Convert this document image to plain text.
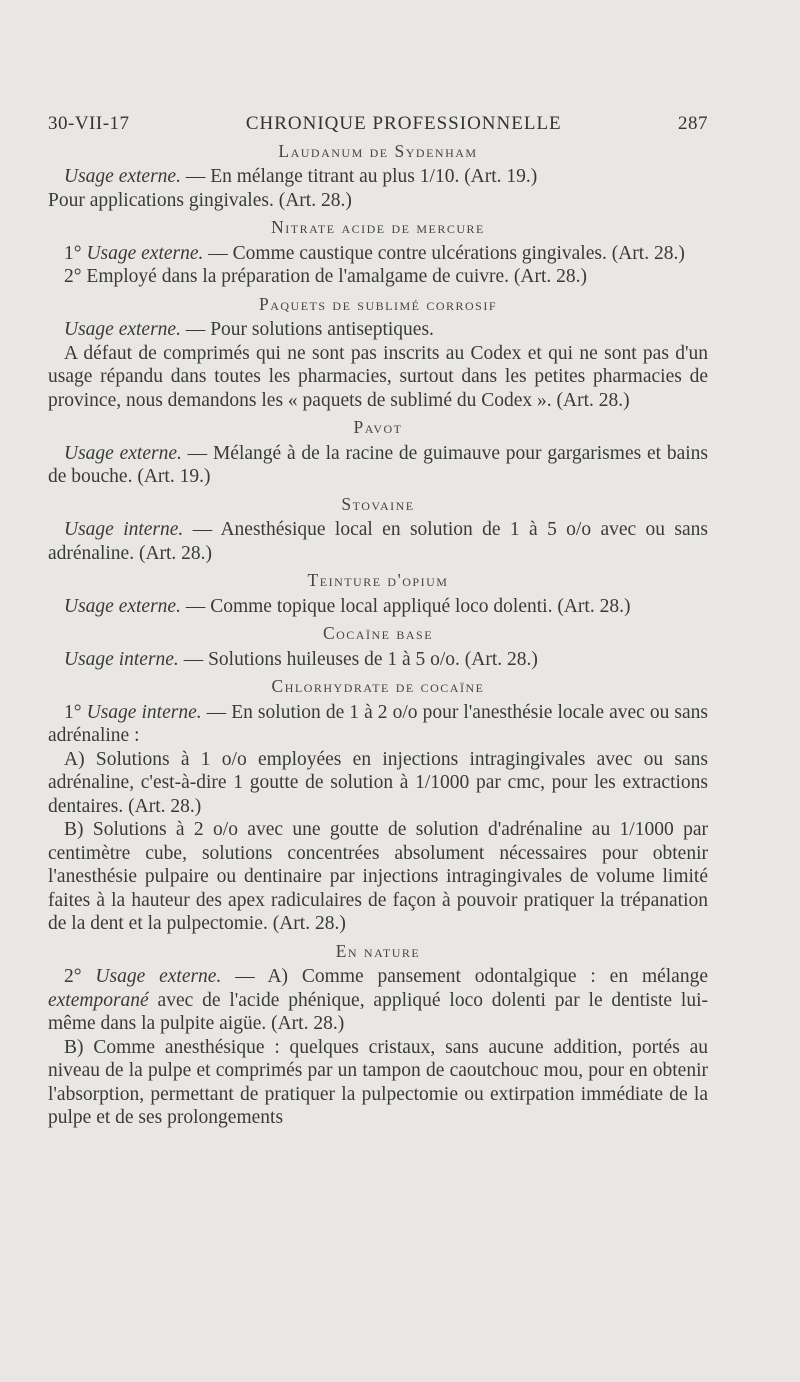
30-VII-17	CHRONIQUE PROFESSIONNELLE	287
Laudanum de Sydenham

Usage externe. — En mélange titrant au plus 1/10. (Art. 19.)

Pour applications gingivales. (Art. 28.)

Nitrate acide de mercure

1° Usage externe. — Comme caustique contre ulcérations gingivales. (Art. 28.)

2° Employé dans la préparation de l'amalgame de cuivre. (Art. 28.)

Paquets de sublimé corrosif

Usage externe. — Pour solutions antiseptiques.

A défaut de comprimés qui ne sont pas inscrits au Codex et qui ne sont pas d'un usage répandu dans toutes les pharmacies, surtout dans les petites pharmacies de province, nous demandons les « paquets de sublimé du Codex ». (Art. 28.)

Pavot

Usage externe. — Mélangé à de la racine de guimauve pour gargarismes et bains de bouche. (Art. 19.)

Stovaine

Usage interne. — Anesthésique local en solution de 1 à 5 o/o avec ou sans adrénaline. (Art. 28.)

Teinture d'opium

Usage externe. — Comme topique local appliqué loco dolenti. (Art. 28.)

Cocaïne base

Usage interne. — Solutions huileuses de 1 à 5 o/o. (Art. 28.)

Chlorhydrate de cocaïne

1° Usage interne. — En solution de 1 à 2 o/o pour l'anesthésie locale avec ou sans adrénaline :

A) Solutions à 1 o/o employées en injections intragingivales avec ou sans adrénaline, c'est-à-dire 1 goutte de solution à 1/1000 par cmc, pour les extractions dentaires. (Art. 28.)

B) Solutions à 2 o/o avec une goutte de solution d'adrénaline au 1/1000 par centimètre cube, solutions concentrées absolument nécessaires pour obtenir l'anesthésie pulpaire ou dentinaire par injections intragingivales de volume limité faites à la hauteur des apex radiculaires de façon à pouvoir pratiquer la trépanation de la dent et la pulpectomie. (Art. 28.)

En nature

2° Usage externe. — A) Comme pansement odontalgique : en mélange extemporané avec de l'acide phénique, appliqué loco dolenti par le dentiste lui-même dans la pulpite aigüe. (Art. 28.)

B) Comme anesthésique : quelques cristaux, sans aucune addition, portés au niveau de la pulpe et comprimés par un tampon de caoutchouc mou, pour en obtenir l'absorption, permettant de pratiquer la pulpectomie ou extirpation immédiate de la pulpe et de ses prolongements
